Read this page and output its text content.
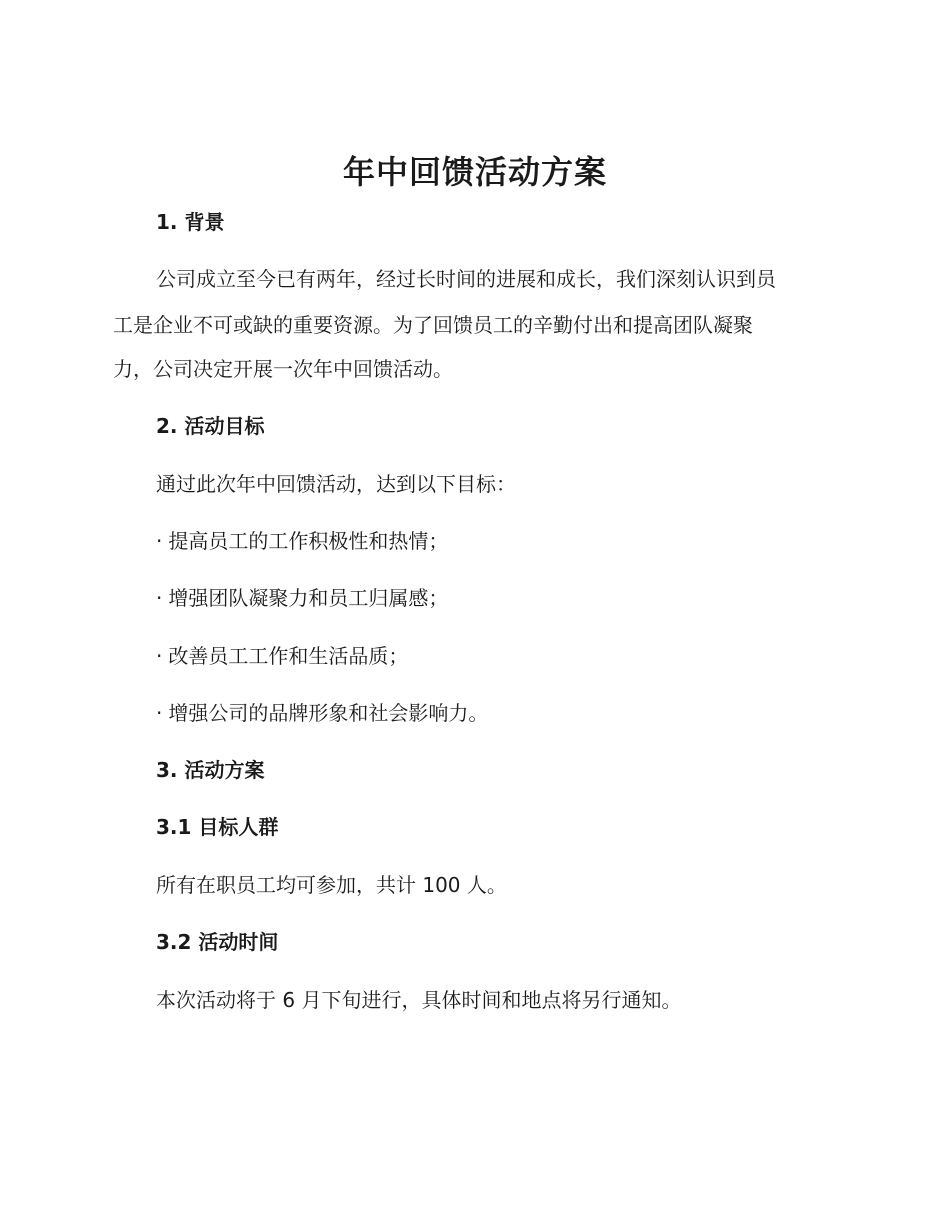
年中回馈活动方案
1. 背景
公司成立至今已有两年，经过长时间的进展和成长，我们深刻认识到员
工是企业不可或缺的重要资源。为了回馈员工的辛勤付出和提高团队凝聚
力，公司决定开展一次年中回馈活动。
2. 活动目标
通过此次年中回馈活动，达到以下目标：
· 提高员工的工作积极性和热情；
· 增强团队凝聚力和员工归属感；
· 改善员工工作和生活品质；
· 增强公司的品牌形象和社会影响力。
3. 活动方案
3.1 目标人群
所有在职员工均可参加，共计 100 人。
3.2 活动时间
本次活动将于 6 月下旬进行，具体时间和地点将另行通知。
